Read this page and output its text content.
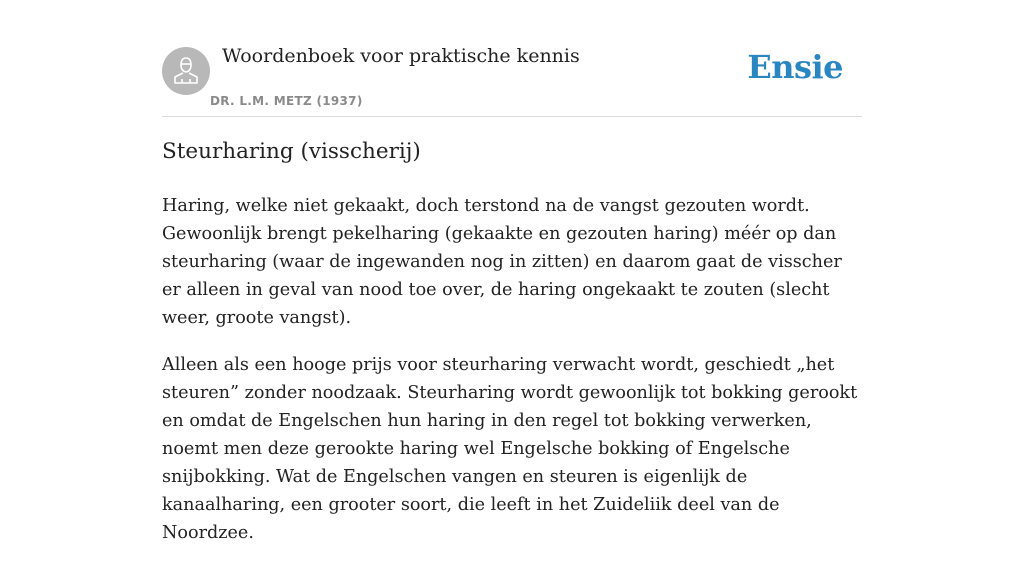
Woordenboek voor praktische kennis
DR. L.M. METZ (1937)
Ensie
Steurharing (visscherij)

Haring, welke niet gekaakt, doch terstond na de vangst gezouten wordt. Gewoonlijk brengt pekelharing (gekaakte en gezouten haring) méér op dan steurharing (waar de ingewanden nog in zitten) en daarom gaat de visscher er alleen in geval van nood toe over, de haring ongekaakt te zouten (slecht weer, groote vangst).

Alleen als een hooge prijs voor steurharing verwacht wordt, geschiedt „het steuren” zonder noodzaak. Steurharing wordt gewoonlijk tot bokking gerookt en omdat de Engelschen hun haring in den regel tot bokking verwerken, noemt men deze gerookte haring wel Engelsche bokking of Engelsche snijbokking. Wat de Engelschen vangen en steuren is eigenlijk de kanaalharing, een grooter soort, die leeft in het Zuideliik deel van de Noordzee.
